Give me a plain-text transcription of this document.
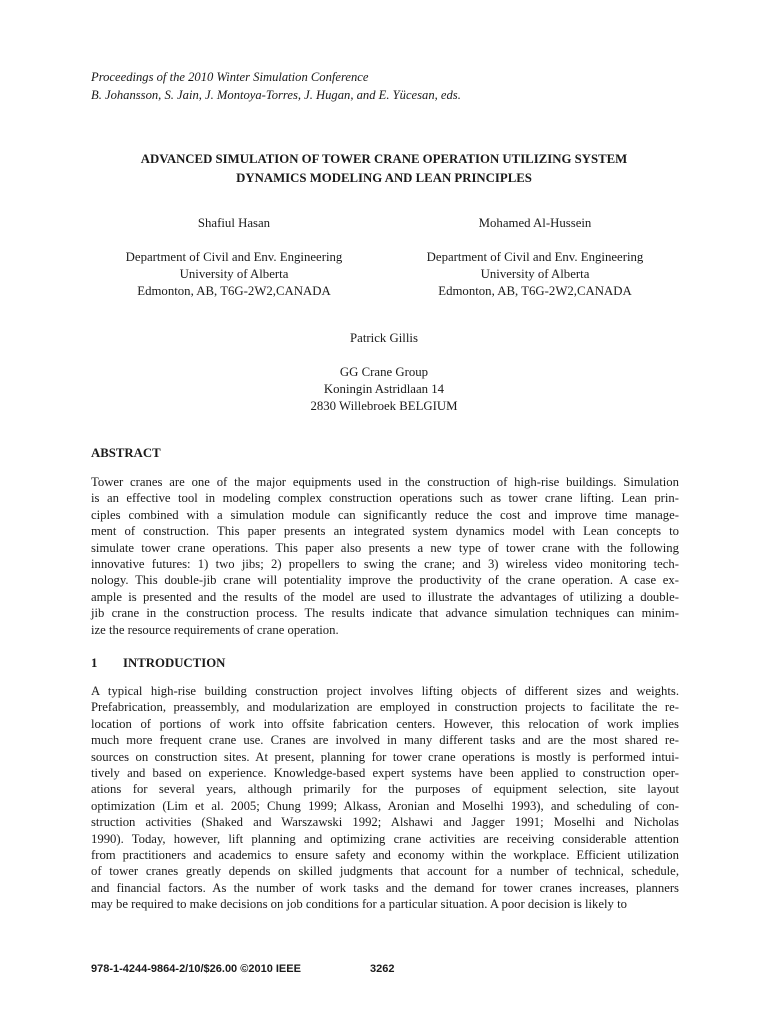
Proceedings of the 2010 Winter Simulation Conference
B. Johansson, S. Jain, J. Montoya-Torres, J. Hugan, and E. Yücesan, eds.
ADVANCED SIMULATION OF TOWER CRANE OPERATION UTILIZING SYSTEM
DYNAMICS MODELING AND LEAN PRINCIPLES
Shafiul Hasan
Department of Civil and Env. Engineering
University of Alberta
Edmonton, AB, T6G-2W2,CANADA
Mohamed Al-Hussein
Department of Civil and Env. Engineering
University of Alberta
Edmonton, AB, T6G-2W2,CANADA
Patrick Gillis
GG Crane Group
Koningin Astridlaan 14
2830 Willebroek BELGIUM
ABSTRACT
Tower cranes are one of the major equipments used in the construction of high-rise buildings. Simulation
is an effective tool in modeling complex construction operations such as tower crane lifting. Lean prin-
ciples combined with a simulation module can significantly reduce the cost and improve time manage-
ment of construction. This paper presents an integrated system dynamics model with Lean concepts to
simulate tower crane operations. This paper also presents a new type of tower crane with the following
innovative futures: 1) two jibs; 2) propellers to swing the crane; and 3) wireless video monitoring tech-
nology. This double-jib crane will potentiality improve the productivity of the crane operation. A case ex-
ample is presented and the results of the model are used to illustrate the advantages of utilizing a double-
jib crane in the construction process. The results indicate that advance simulation techniques can minim-
ize the resource requirements of crane operation.
1 INTRODUCTION
A typical high-rise building construction project involves lifting objects of different sizes and weights.
Prefabrication, preassembly, and modularization are employed in construction projects to facilitate the re-
location of portions of work into offsite fabrication centers. However, this relocation of work implies
much more frequent crane use. Cranes are involved in many different tasks and are the most shared re-
sources on construction sites. At present, planning for tower crane operations is mostly is performed intui-
tively and based on experience. Knowledge-based expert systems have been applied to construction oper-
ations for several years, although primarily for the purposes of equipment selection, site layout
optimization (Lim et al. 2005; Chung 1999; Alkass, Aronian and Moselhi 1993), and scheduling of con-
struction activities (Shaked and Warszawski 1992; Alshawi and Jagger 1991; Moselhi and Nicholas
1990). Today, however, lift planning and optimizing crane activities are receiving considerable attention
from practitioners and academics to ensure safety and economy within the workplace. Efficient utilization
of tower cranes greatly depends on skilled judgments that account for a number of technical, schedule,
and financial factors. As the number of work tasks and the demand for tower cranes increases, planners
may be required to make decisions on job conditions for a particular situation. A poor decision is likely to
978-1-4244-9864-2/10/$26.00 ©2010 IEEE	3262
